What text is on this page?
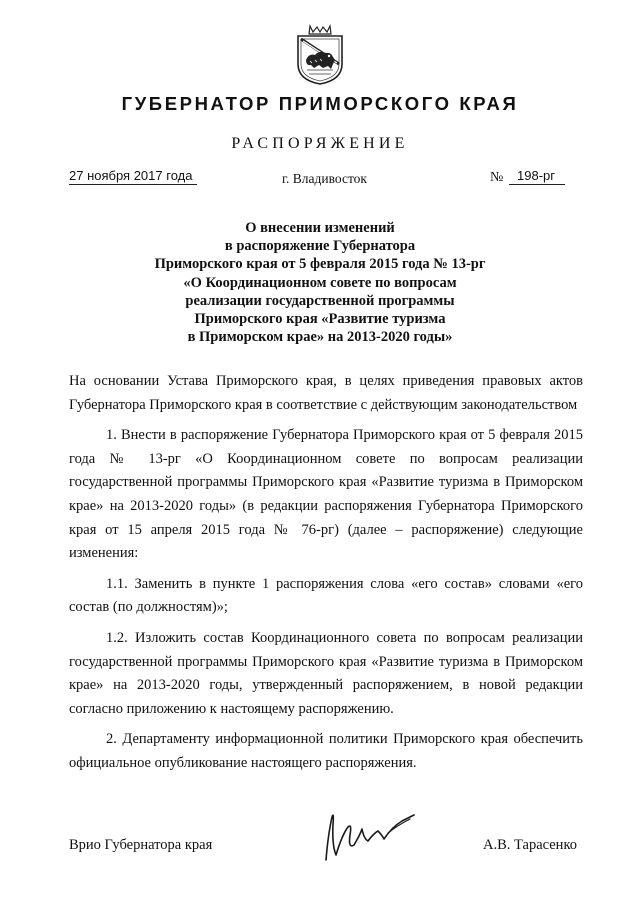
ГУБЕРНАТОР ПРИМОРСКОГО КРАЯ
РАСПОРЯЖЕНИЕ
27 ноября 2017 года	г. Владивосток	№	198-рг
О внесении изменений
в распоряжение Губернатора
Приморского края от 5 февраля 2015 года № 13-рг
«О Координационном совете по вопросам
реализации государственной программы
Приморского края «Развитие туризма
в Приморском крае» на 2013-2020 годы»

На основании Устава Приморского края, в целях приведения правовых актов Губернатора Приморского края в соответствие с действующим законодательством

1. Внести в распоряжение Губернатора Приморского края от 5 февраля 2015 года № 13-рг «О Координационном совете по вопросам реализации государственной программы Приморского края «Развитие туризма в Приморском крае» на 2013-2020 годы» (в редакции распоряжения Губернатора Приморского края от 15 апреля 2015 года № 76-рг) (далее – распоряжение) следующие изменения:

1.1. Заменить в пункте 1 распоряжения слова «его состав» словами «его состав (по должностям)»;

1.2. Изложить состав Координационного совета по вопросам реализации государственной программы Приморского края «Развитие туризма в Приморском крае» на 2013-2020 годы, утвержденный распоряжением, в новой редакции согласно приложению к настоящему распоряжению.

2. Департаменту информационной политики Приморского края обеспечить официальное опубликование настоящего распоряжения.

Врио Губернатора края	А.В. Тарасенко
